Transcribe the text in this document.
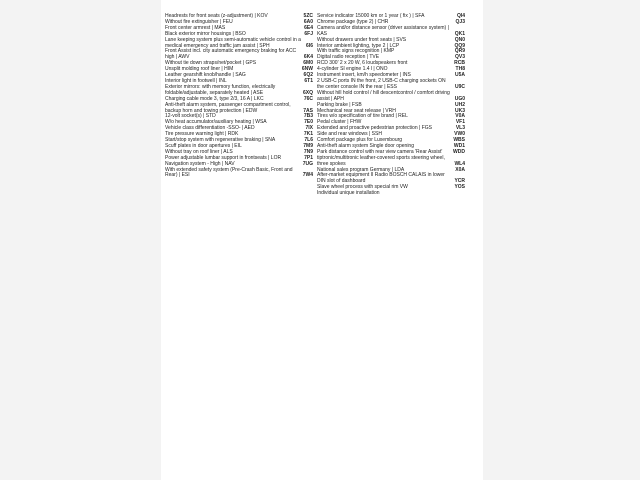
Headrests for front seats (z-adjustment) | KOV	5ZC
Without fire extinguisher | FEU	6A0
Front center armrest | MAS	6E4
Black exterior mirror housings | BSO	6FJ
Lane keeping system plus semi-automatic vehicle control in a medical emergency and traffic jam assist | SPH	6I6
Front Assist incl. city automatic emergency braking for ACC high | AWV	6K4
Without tie down straps/net/pocket | GPS	6M0
Unsplit molding roof liner | HIM	6NW
Leather gearshift knob/handle | SAG	6Q2
Interior light in footwell | INL	6T1
Exterior mirrors: with memory function, electrically foldable/adjustable, separately heated | ASE	6XQ
Charging cable mode 3, type 2/3, 16 A | LKC	76C
Anti-theft alarm system, passenger compartment control, backup horn and towing protection | EDW	7AS
12-volt socket(s) | STD	7B3
W/o heat accumulator/auxiliary heating | WSA	7E0
Vehicle class differentiation -SSO- | AED	7IX
Tire pressure warning light | RDK	7K1
Start/stop system with regenerative braking | SNA	7L6
Scuff plates in door apertures | EIL	7M9
Without tray on roof liner | ALS	7N9
Power adjustable lumbar support in frontseats | LOR	7P1
Navigation system - High | NAV	7UG
With extended safety system (Pre-Crash Basic, Front and Rear) | ESI	7W4
Service indicator 15000 km or 1 year ( fix ) | SFA	QI4
Chrome package (type 2) | CHR	QJ3
Camera and/or distance sensor (driver assistance system) | KAS	QK1
Without drawers under front seats | SVS	QN0
Interior ambient lighting, type 2 | LCP	QQ9
With traffic signs recognition | KMP	QR9
Digital radio reception | TVE	QV3
RCD 300' 2 x 20 W, 6 loudspeakers front	RCB
4-cylinder SI engine 1.4 l | ONO	TH8
Instrument insert, km/h speedometer | INS	U5A
2 USB-C ports IN the front, 2 USB-C charging sockets ON the center console IN the rear | ESS	U9C
Without hill hold control / hill descentcontrol / comfort driving assist | APH	UG0
Parking brake | FSB	UH2
Mechanical rear seat release | VRH	UK3
Tires w/o specification of tire brand | REL	V0A
Pedal cluster | FHW	VF1
Extended and proactive pedestrian protection | FGS	VL3
Side and rear windows | SSH	VW0
Comfort package plus for Luxembourg	WBS
Anti-theft alarm system Single door opening	WD1
Park distance control with rear view camera 'Rear Assist'	WDD
tiptronic/multitronic leather-covered sports steering wheel, three spokes	WL4
National sales program Germany | LDA	X0A
After-market equipment II Radio BOSCH CALAIS in lower DIN slot of dashboard	YCR
Slave wheel process with special rim VW	YOS
Individual unique installation
